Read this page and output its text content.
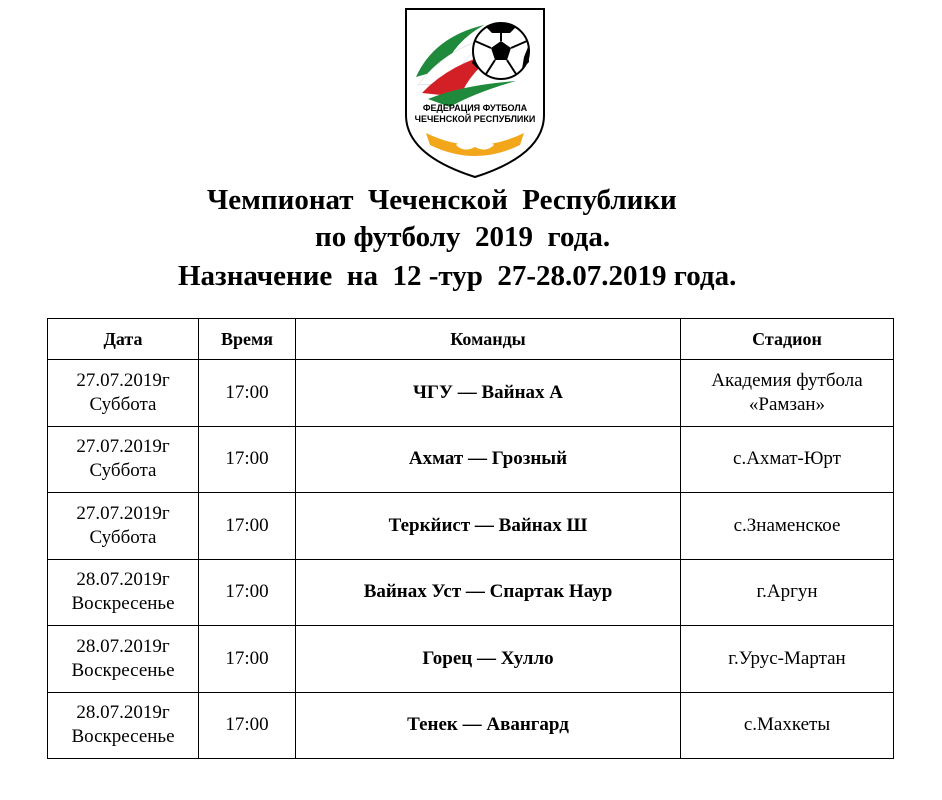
ФЕДЕРАЦИЯ ФУТБОЛА
ЧЕЧЕНСКОЙ РЕСПУБЛИКИ

Чемпионат  Чеченской  Республики

по футболу  2019  года.

Назначение  на  12 -тур  27-28.07.2019 года.

Дата	Время	Команды	Стадион

27.07.2019г
Суббота	17:00	ЧГУ — Вайнах А	Академия футбола
«Рамзан»

27.07.2019г
Суббота	17:00	Ахмат — Грозный	с.Ахмат-Юрт

27.07.2019г
Суббота	17:00	Теркйист — Вайнах Ш	с.Знаменское

28.07.2019г
Воскресенье	17:00	Вайнах Уст — Спартак Наур	г.Аргун

28.07.2019г
Воскресенье	17:00	Горец — Хулло	г.Урус-Мартан

28.07.2019г
Воскресенье	17:00	Тенек — Авангард	с.Махкеты
